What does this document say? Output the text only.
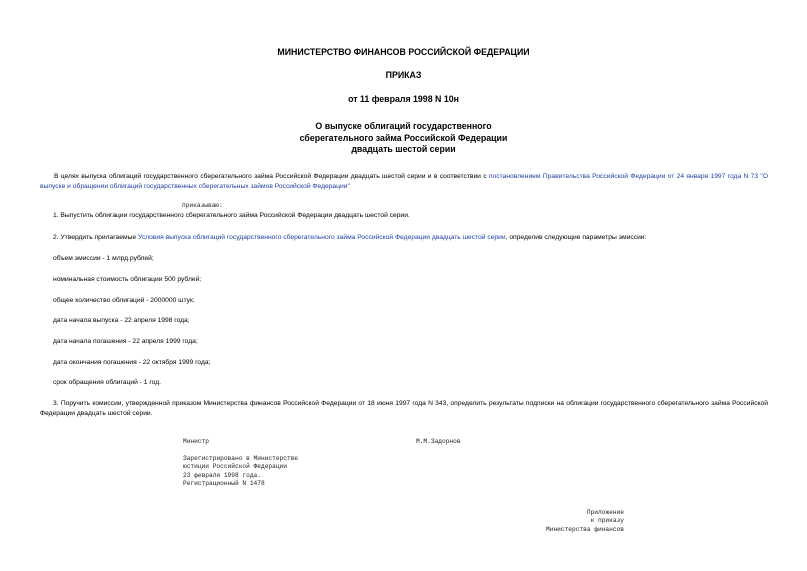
МИНИСТЕРСТВО ФИНАНСОВ РОССИЙСКОЙ ФЕДЕРАЦИИ
ПРИКАЗ
от 11 февраля 1998 N 10н
О выпуске облигаций государственного
сберегательного займа Российской Федерации
двадцать шестой серии
В целях выпуска облигаций государственного сберегательного займа Российской Федерации двадцать шестой серии и в соответствии с постановлением Правительства Российской Федерации от 24 января 1997 года N 73 "О выпуске и обращении облигаций государственных сберегательных займов Российской Федерации"
приказываю:
1. Выпустить облигации государственного сберегательного займа Российской Федерации двадцать шестой серии.
2. Утвердить прилагаемые Условия выпуска облигаций государственного сберегательного займа Российской Федерации двадцать шестой серии, определив следующие параметры эмиссии:
объем эмиссии - 1 млрд.рублей;
номинальная стоимость облигации 500 рублей;
общее количество облигаций - 2000000 штук;
дата начала выпуска - 22 апреля 1998 года;
дата начала погашения - 22 апреля 1999 года;
дата окончания погашения - 22 октября 1999 года;
срок обращения облигаций - 1 год.
3. Поручить комиссии, утвержденной приказом Министерства финансов Российской Федерации от 18 июня 1997 года N 343, определить результаты подписки на облигации государственного сберегательного займа Российской Федерации двадцать шестой серии.
Министр	М.М.Задорнов
Зарегистрировано в Министерстве
юстиции Российской Федерации
23 февраля 1998 года.
Регистрационный N 1478
Приложение
к приказу
Министерства финансов
